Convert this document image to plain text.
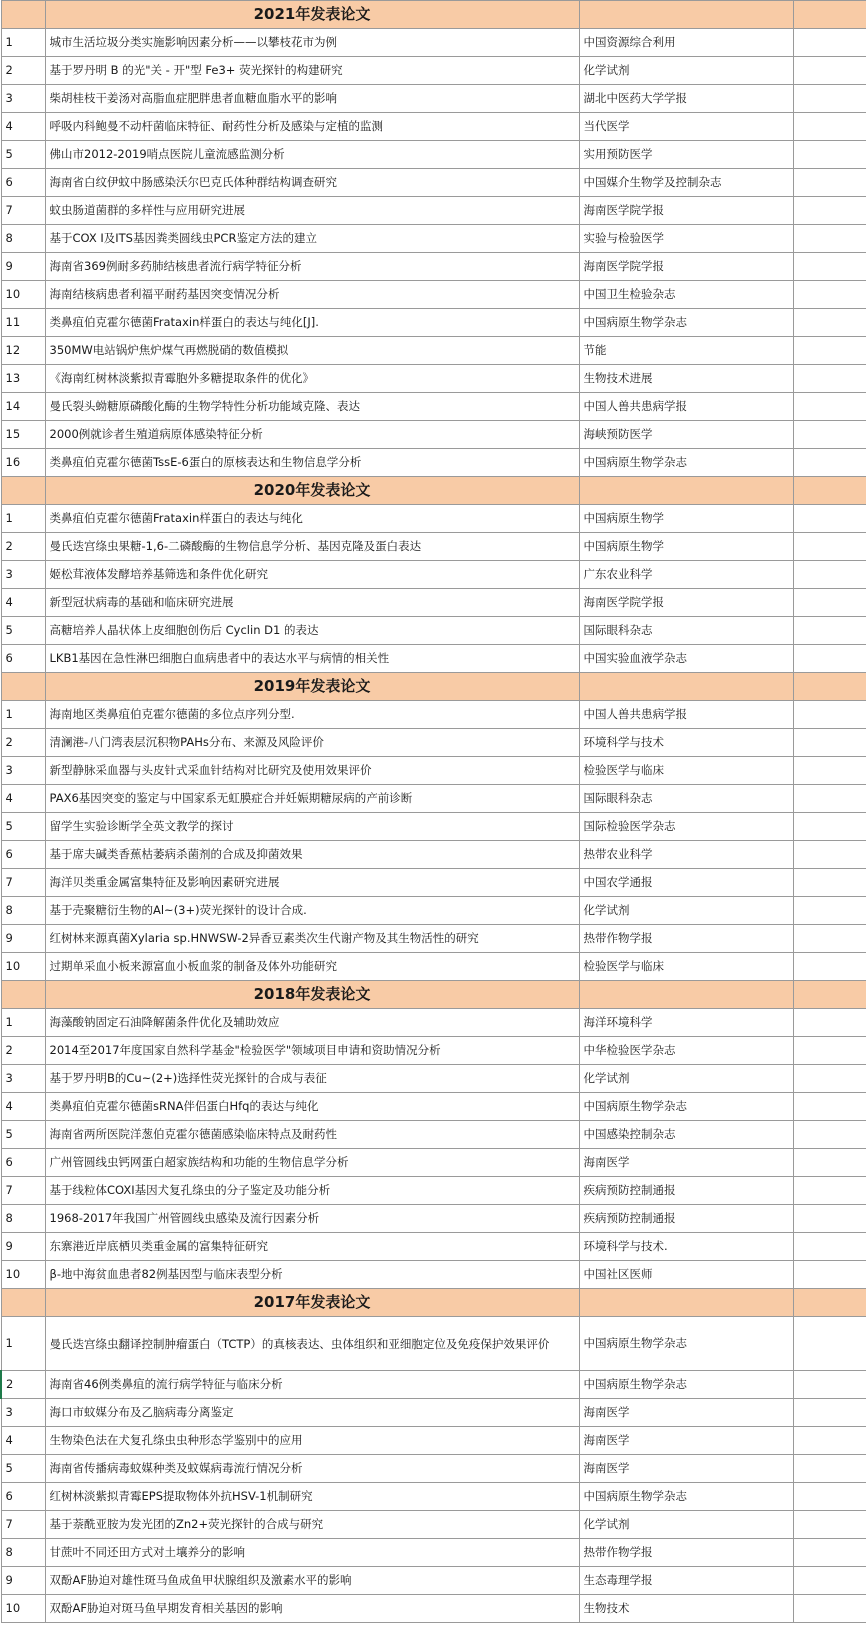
	2021年发表论文		
1	城市生活垃圾分类实施影响因素分析——以攀枝花市为例	中国资源综合利用	
2	基于罗丹明 B 的光"关 - 开"型 Fe3+ 荧光探针的构建研究	化学试剂	
3	柴胡桂枝干姜汤对高脂血症肥胖患者血糖血脂水平的影响	湖北中医药大学学报	
4	呼吸内科鲍曼不动杆菌临床特征、耐药性分析及感染与定植的监测	当代医学	
5	佛山市2012-2019哨点医院儿童流感监测分析	实用预防医学	
6	海南省白纹伊蚊中肠感染沃尔巴克氏体种群结构调查研究	中国媒介生物学及控制杂志	
7	蚊虫肠道菌群的多样性与应用研究进展	海南医学院学报	
8	基于COX Ⅰ及ITS基因粪类圆线虫PCR鉴定方法的建立	实验与检验医学	
9	海南省369例耐多药肺结核患者流行病学特征分析	海南医学院学报	
10	海南结核病患者利福平耐药基因突变情况分析	中国卫生检验杂志	
11	类鼻疽伯克霍尔德菌Frataxin样蛋白的表达与纯化[J].	中国病原生物学杂志	
12	350MW电站锅炉焦炉煤气再燃脱硝的数值模拟	节能	
13	《海南红树林淡紫拟青霉胞外多糖提取条件的优化》	生物技术进展	
14	曼氏裂头蚴糖原磷酸化酶的生物学特性分析功能域克隆、表达	中国人兽共患病学报	
15	2000例就诊者生殖道病原体感染特征分析	海峡预防医学	
16	类鼻疽伯克霍尔德菌TssE-6蛋白的原核表达和生物信息学分析	中国病原生物学杂志	
	2020年发表论文		
1	类鼻疽伯克霍尔德菌Frataxin样蛋白的表达与纯化	中国病原生物学	
2	曼氏迭宫绦虫果糖-1,6-二磷酸酶的生物信息学分析、基因克隆及蛋白表达	中国病原生物学	
3	姬松茸液体发酵培养基筛选和条件优化研究	广东农业科学	
4	新型冠状病毒的基础和临床研究进展	海南医学院学报	
5	高糖培养人晶状体上皮细胞创伤后 Cyclin D1 的表达	国际眼科杂志	
6	LKB1基因在急性淋巴细胞白血病患者中的表达水平与病情的相关性	中国实验血液学杂志	
	2019年发表论文		
1	海南地区类鼻疽伯克霍尔德菌的多位点序列分型.	中国人兽共患病学报	
2	清澜港-八门湾表层沉积物PAHs分布、来源及风险评价	环境科学与技术	
3	新型静脉采血器与头皮针式采血针结构对比研究及使用效果评价	检验医学与临床	
4	PAX6基因突变的鉴定与中国家系无虹膜症合并妊娠期糖尿病的产前诊断	国际眼科杂志	
5	留学生实验诊断学全英文教学的探讨	国际检验医学杂志	
6	基于席夫碱类香蕉枯萎病杀菌剂的合成及抑菌效果	热带农业科学	
7	海洋贝类重金属富集特征及影响因素研究进展	中国农学通报	
8	基于壳聚糖衍生物的Al~(3+)荧光探针的设计合成.	化学试剂	
9	红树林来源真菌Xylaria sp.HNWSW-2异香豆素类次生代谢产物及其生物活性的研究	热带作物学报	
10	过期单采血小板来源富血小板血浆的制备及体外功能研究	检验医学与临床	
	2018年发表论文		
1	海藻酸钠固定石油降解菌条件优化及辅助效应	海洋环境科学	
2	2014至2017年度国家自然科学基金"检验医学"领域项目申请和资助情况分析	中华检验医学杂志	
3	基于罗丹明B的Cu~(2+)选择性荧光探针的合成与表征	化学试剂	
4	类鼻疽伯克霍尔德菌sRNA伴侣蛋白Hfq的表达与纯化	中国病原生物学杂志	
5	海南省两所医院洋葱伯克霍尔德菌感染临床特点及耐药性	中国感染控制杂志	
6	广州管圆线虫钙网蛋白超家族结构和功能的生物信息学分析	海南医学	
7	基于线粒体COXⅠ基因犬复孔绦虫的分子鉴定及功能分析	疾病预防控制通报	
8	1968-2017年我国广州管圆线虫感染及流行因素分析	疾病预防控制通报	
9	东寨港近岸底栖贝类重金属的富集特征研究	环境科学与技术.	
10	β-地中海贫血患者82例基因型与临床表型分析	中国社区医师	
	2017年发表论文		
1	曼氏迭宫绦虫翻译控制肿瘤蛋白（TCTP）的真核表达、虫体组织和亚细胞定位及免疫保护效果评价	中国病原生物学杂志	
2	海南省46例类鼻疽的流行病学特征与临床分析	中国病原生物学杂志	
3	海口市蚊媒分布及乙脑病毒分离鉴定	海南医学	
4	生物染色法在犬复孔绦虫虫种形态学鉴别中的应用	海南医学	
5	海南省传播病毒蚊媒种类及蚊媒病毒流行情况分析	海南医学	
6	红树林淡紫拟青霉EPS提取物体外抗HSV-1机制研究	中国病原生物学杂志	
7	基于萘酰亚胺为发光团的Zn2+荧光探针的合成与研究	化学试剂	
8	甘蔗叶不同还田方式对土壤养分的影响	热带作物学报	
9	双酚AF胁迫对雄性斑马鱼成鱼甲状腺组织及激素水平的影响	生态毒理学报	
10	双酚AF胁迫对斑马鱼早期发育相关基因的影响	生物技术	
